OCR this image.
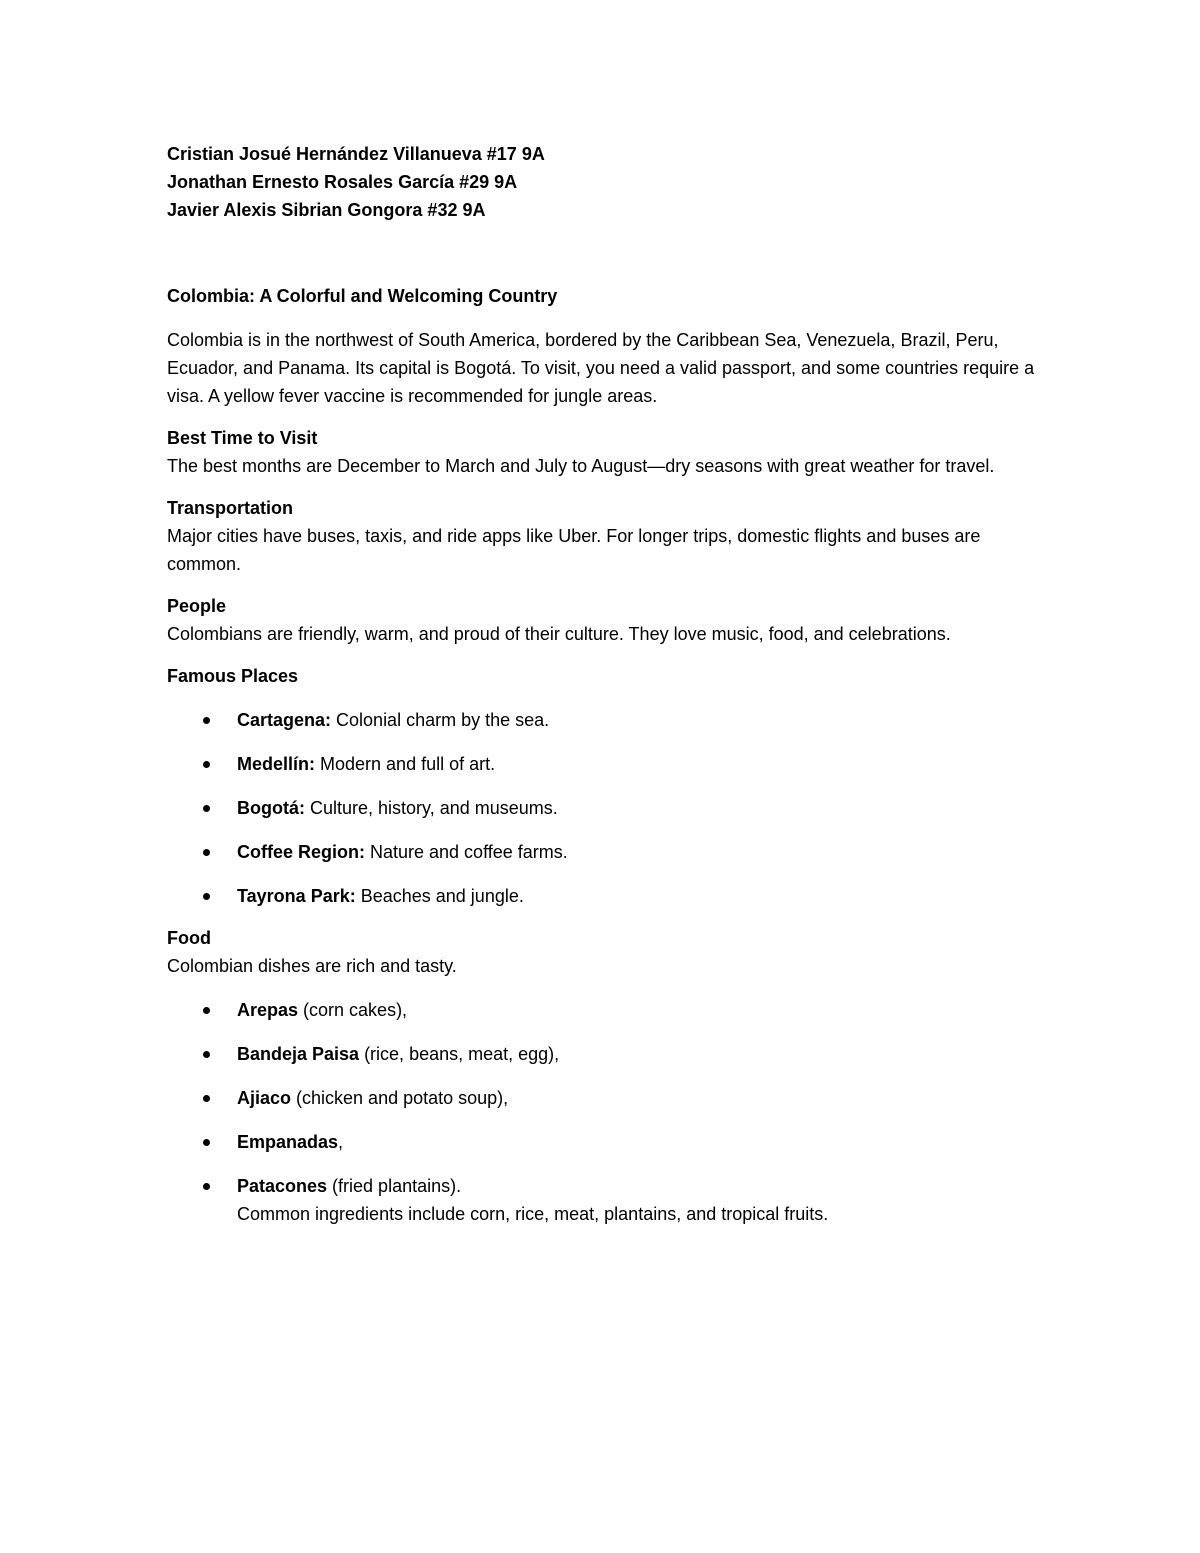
Cristian Josué Hernández Villanueva #17 9A
Jonathan Ernesto Rosales García #29 9A
Javier Alexis Sibrian Gongora #32 9A
Colombia: A Colorful and Welcoming Country
Colombia is in the northwest of South America, bordered by the Caribbean Sea, Venezuela, Brazil, Peru, Ecuador, and Panama. Its capital is Bogotá. To visit, you need a valid passport, and some countries require a visa. A yellow fever vaccine is recommended for jungle areas.
Best Time to Visit
The best months are December to March and July to August—dry seasons with great weather for travel.
Transportation
Major cities have buses, taxis, and ride apps like Uber. For longer trips, domestic flights and buses are common.
People
Colombians are friendly, warm, and proud of their culture. They love music, food, and celebrations.
Famous Places
Cartagena: Colonial charm by the sea.
Medellín: Modern and full of art.
Bogotá: Culture, history, and museums.
Coffee Region: Nature and coffee farms.
Tayrona Park: Beaches and jungle.
Food
Colombian dishes are rich and tasty.
Arepas (corn cakes),
Bandeja Paisa (rice, beans, meat, egg),
Ajiaco (chicken and potato soup),
Empanadas,
Patacones (fried plantains).
Common ingredients include corn, rice, meat, plantains, and tropical fruits.
